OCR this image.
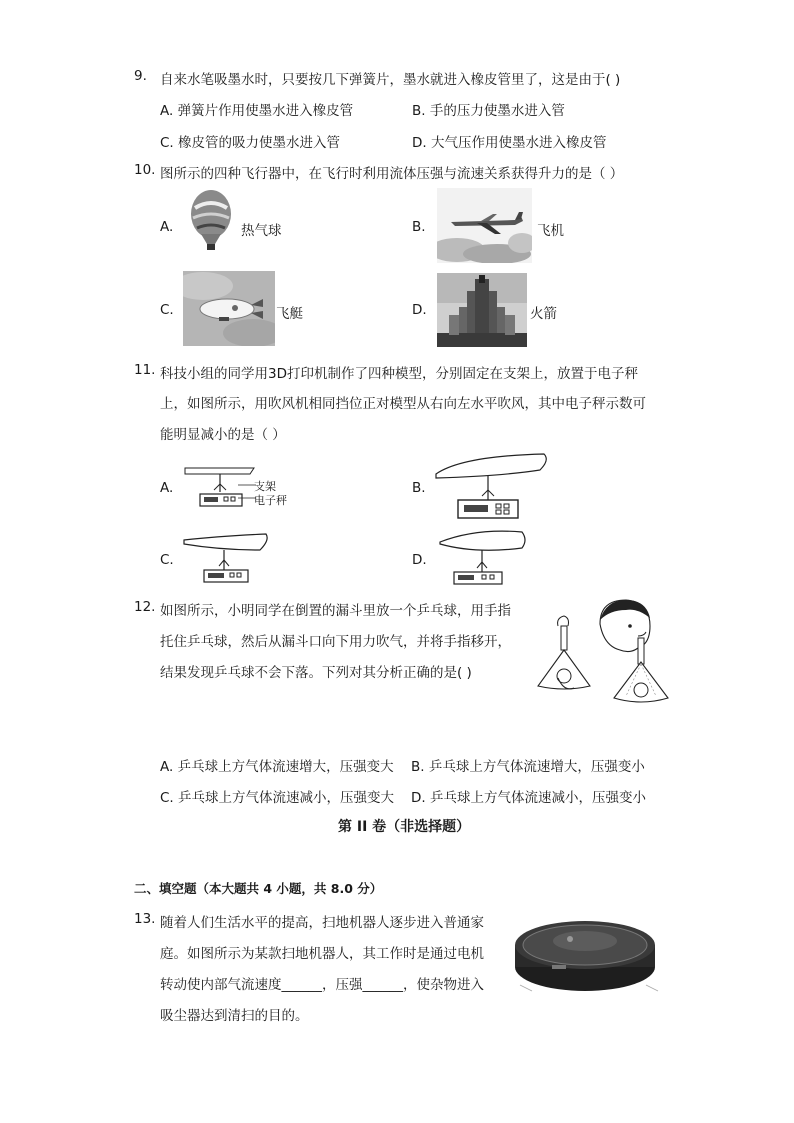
9. 自来水笔吸墨水时，只要按几下弹簧片，墨水就进入橡皮管里了，这是由于( )
A. 弹簧片作用使墨水进入橡皮管	B. 手的压力使墨水进入管
C. 橡皮管的吸力使墨水进入管	D. 大气压作用使墨水进入橡皮管
10. 图所示的四种飞行器中，在飞行时利用流体压强与流速关系获得升力的是（ ）
A.	热气球	B.	飞机
C.	飞艇	D.	火箭
11. 科技小组的同学用3D打印机制作了四种模型，分别固定在支架上，放置于电子秤
上，如图所示，用吹风机相同挡位正对模型从右向左水平吹风，其中电子秤示数可
能明显减小的是（ ）
A.	支架
电子秤
B.
C.	D.
12. 如图所示，小明同学在倒置的漏斗里放一个乒乓球，用手指
托住乒乓球，然后从漏斗口向下用力吹气，并将手指移开，
结果发现乒乓球不会下落。下列对其分析正确的是( )
A. 乒乓球上方气体流速增大，压强变大 B. 乒乓球上方气体流速增大，压强变小
C. 乒乓球上方气体流速减小，压强变大 D. 乒乓球上方气体流速减小，压强变小
第 II 卷（非选择题）
二、填空题（本大题共 4 小题，共 8.0 分）
13. 随着人们生活水平的提高，扫地机器人逐步进入普通家
庭。如图所示为某款扫地机器人，其工作时是通过电机
转动使内部气流速度______，压强______，使杂物进入
吸尘器达到清扫的目的。
